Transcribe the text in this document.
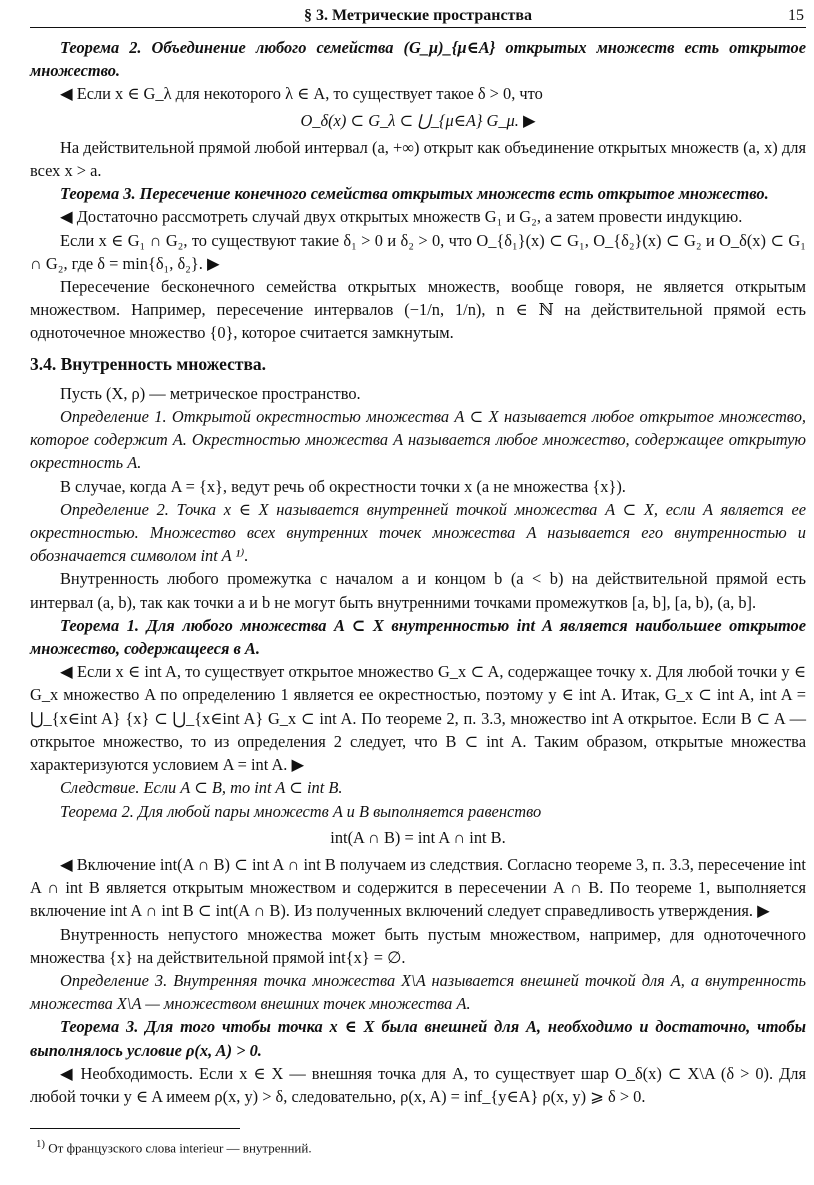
§ 3. Метрические пространства	15

Теорема 2. Объединение любого семейства (G_μ)_{μ∈A} открытых множеств есть открытое множество.

◀ Если x ∈ G_λ для некоторого λ ∈ A, то существует такое δ > 0, что

O_δ(x) ⊂ G_λ ⊂ ⋃_{μ∈A} G_μ. ▶

На действительной прямой любой интервал (a, +∞) открыт как объединение открытых множеств (a, x) для всех x > a.

Теорема 3. Пересечение конечного семейства открытых множеств есть открытое множество.

◀ Достаточно рассмотреть случай двух открытых множеств G₁ и G₂, а затем провести индукцию.

Если x ∈ G₁ ∩ G₂, то существуют такие δ₁ > 0 и δ₂ > 0, что O_{δ₁}(x) ⊂ G₁, O_{δ₂}(x) ⊂ G₂ и O_δ(x) ⊂ G₁ ∩ G₂, где δ = min{δ₁, δ₂}. ▶

Пересечение бесконечного семейства открытых множеств, вообще говоря, не является открытым множеством. Например, пересечение интервалов (−1/n, 1/n), n ∈ ℕ на действительной прямой есть одноточечное множество {0}, которое считается замкнутым.

3.4. Внутренность множества.

Пусть (X, ρ) — метрическое пространство.

Определение 1. Открытой окрестностью множества A ⊂ X называется любое открытое множество, которое содержит A. Окрестностью множества A называется любое множество, содержащее открытую окрестность A.

В случае, когда A = {x}, ведут речь об окрестности точки x (а не множества {x}).

Определение 2. Точка x ∈ X называется внутренней точкой множества A ⊂ X, если A является ее окрестностью. Множество всех внутренних точек множества A называется его внутренностью и обозначается символом int A ¹⁾.

Внутренность любого промежутка с началом a и концом b (a < b) на действительной прямой есть интервал (a, b), так как точки a и b не могут быть внутренними точками промежутков [a, b], [a, b), (a, b].

Теорема 1. Для любого множества A ⊂ X внутренностью int A является наибольшее открытое множество, содержащееся в A.

◀ Если x ∈ int A, то существует открытое множество G_x ⊂ A, содержащее точку x. Для любой точки y ∈ G_x множество A по определению 1 является ее окрестностью, поэтому y ∈ int A. Итак, G_x ⊂ int A, int A = ⋃_{x∈int A} {x} ⊂ ⋃_{x∈int A} G_x ⊂ int A. По теореме 2, п. 3.3, множество int A открытое. Если B ⊂ A — открытое множество, то из определения 2 следует, что B ⊂ int A. Таким образом, открытые множества характеризуются условием A = int A. ▶

Следствие. Если A ⊂ B, то int A ⊂ int B.

Теорема 2. Для любой пары множеств A и B выполняется равенство

int(A ∩ B) = int A ∩ int B.

◀ Включение int(A ∩ B) ⊂ int A ∩ int B получаем из следствия. Согласно теореме 3, п. 3.3, пересечение int A ∩ int B является открытым множеством и содержится в пересечении A ∩ B. По теореме 1, выполняется включение int A ∩ int B ⊂ int(A ∩ B). Из полученных включений следует справедливость утверждения. ▶

Внутренность непустого множества может быть пустым множеством, например, для одноточечного множества {x} на действительной прямой int{x} = ∅.

Определение 3. Внутренняя точка множества X\A называется внешней точкой для A, а внутренность множества X\A — множеством внешних точек множества A.

Теорема 3. Для того чтобы точка x ∈ X была внешней для A, необходимо и достаточно, чтобы выполнялось условие ρ(x, A) > 0.

◀ Необходимость. Если x ∈ X — внешняя точка для A, то существует шар O_δ(x) ⊂ X\A (δ > 0). Для любой точки y ∈ A имеем ρ(x, y) > δ, следовательно, ρ(x, A) = inf_{y∈A} ρ(x, y) ⩾ δ > 0.

$^{1)}$ От французского слова interieur — внутренний.
